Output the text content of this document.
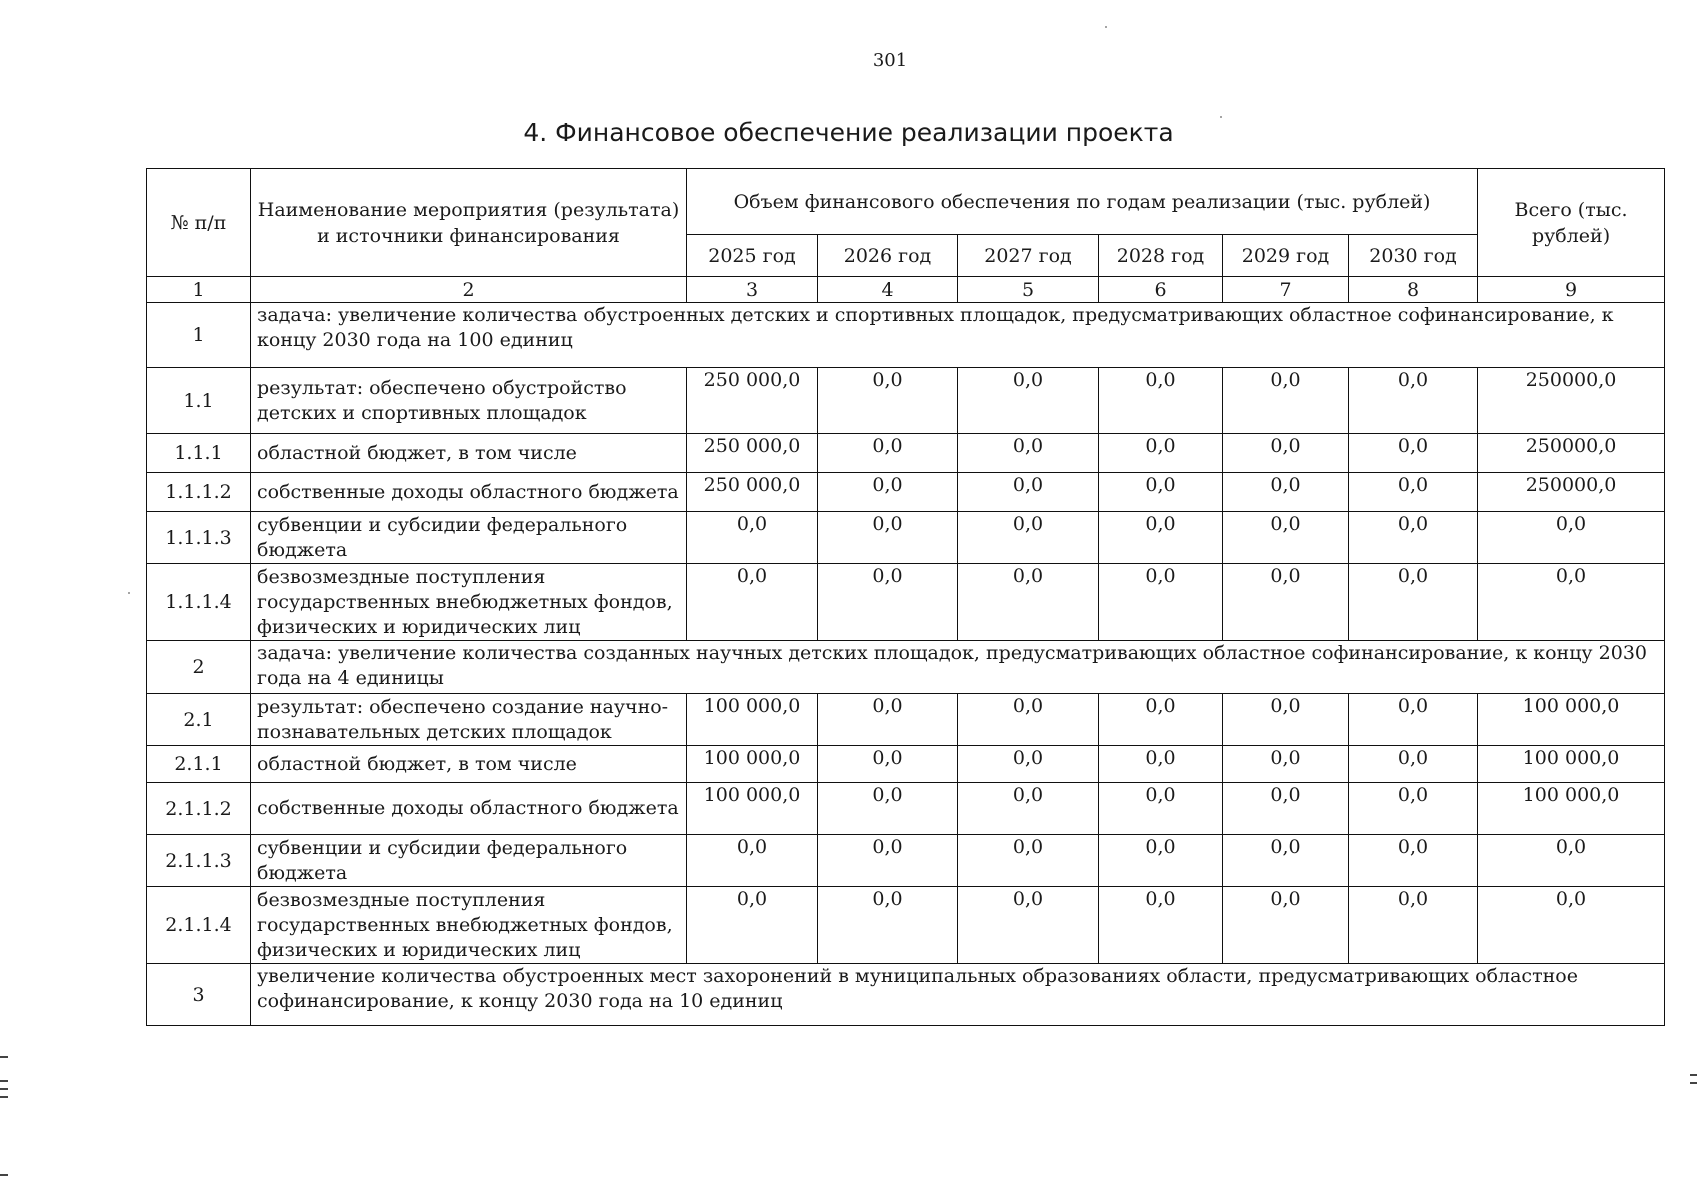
301
4. Финансовое обеспечение реализации проекта
№ п/п	Наименование мероприятия (результата) и источники финансирования	Объем финансового обеспечения по годам реализации (тыс. рублей)						Всего (тыс. рублей)
		2025 год	2026 год	2027 год	2028 год	2029 год	2030 год	
1	2	3	4	5	6	7	8	9
1	задача: увеличение количества обустроенных детских и спортивных площадок, предусматривающих областное софинансирование, к концу 2030 года на 100 единиц							
1.1	результат: обеспечено обустройство детских и спортивных площадок	250 000,0	0,0	0,0	0,0	0,0	0,0	250000,0
1.1.1	областной бюджет, в том числе	250 000,0	0,0	0,0	0,0	0,0	0,0	250000,0
1.1.1.2	собственные доходы областного бюджета	250 000,0	0,0	0,0	0,0	0,0	0,0	250000,0
1.1.1.3	субвенции и субсидии федерального бюджета	0,0	0,0	0,0	0,0	0,0	0,0	0,0
1.1.1.4	безвозмездные поступления государственных внебюджетных фондов, физических и юридических лиц	0,0	0,0	0,0	0,0	0,0	0,0	0,0
2	задача: увеличение количества созданных научных детских площадок, предусматривающих областное софинансирование, к концу 2030 года на 4 единицы							
2.1	результат: обеспечено создание научно-познавательных детских площадок	100 000,0	0,0	0,0	0,0	0,0	0,0	100 000,0
2.1.1	областной бюджет, в том числе	100 000,0	0,0	0,0	0,0	0,0	0,0	100 000,0
2.1.1.2	собственные доходы областного бюджета	100 000,0	0,0	0,0	0,0	0,0	0,0	100 000,0
2.1.1.3	субвенции и субсидии федерального бюджета	0,0	0,0	0,0	0,0	0,0	0,0	0,0
2.1.1.4	безвозмездные поступления государственных внебюджетных фондов, физических и юридических лиц	0,0	0,0	0,0	0,0	0,0	0,0	0,0
3	увеличение количества обустроенных мест захоронений в муниципальных образованиях области, предусматривающих областное софинансирование, к концу 2030 года на 10 единиц							
